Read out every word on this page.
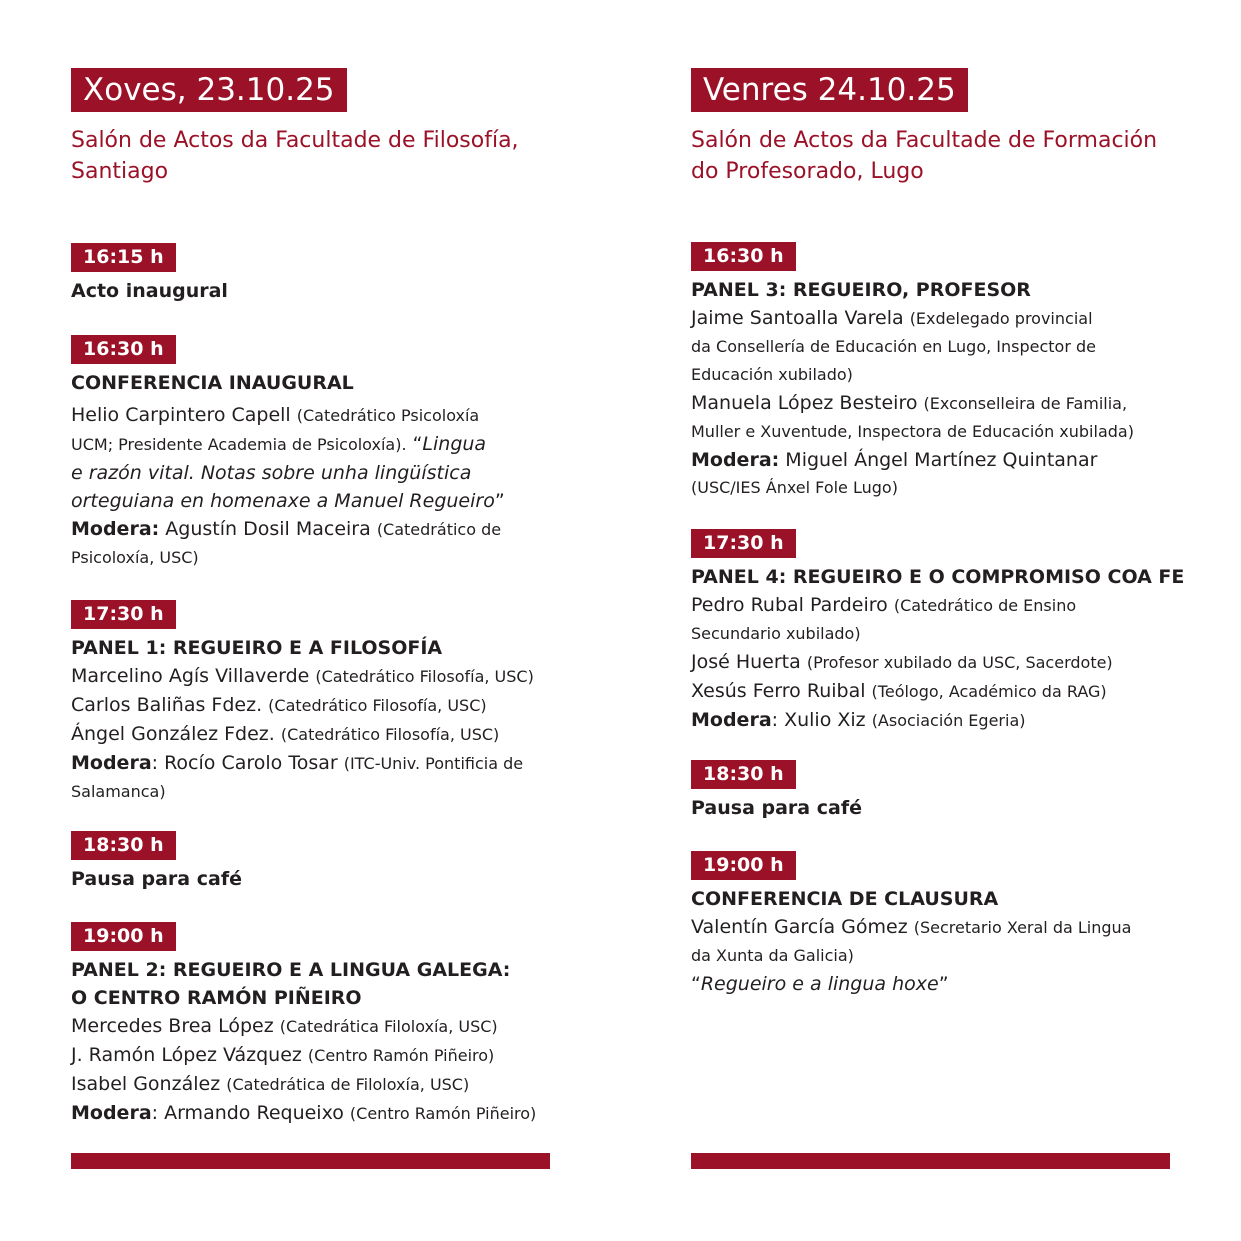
Xoves, 23.10.25

Salón de Actos da Facultade de Filosofía,
Santiago

16:15 h

Acto inaugural

16:30 h

CONFERENCIA INAUGURAL

Helio Carpintero Capell (Catedrático Psicoloxía

UCM; Presidente Academia de Psicoloxía). “Lingua

e razón vital. Notas sobre unha lingüística

orteguiana en homenaxe a Manuel Regueiro”

Modera: Agustín Dosil Maceira (Catedrático de

Psicoloxía, USC)

17:30 h

PANEL 1: REGUEIRO E A FILOSOFÍA

Marcelino Agís Villaverde (Catedrático Filosofía, USC)

Carlos Baliñas Fdez. (Catedrático Filosofía, USC)

Ángel González Fdez. (Catedrático Filosofía, USC)

Modera: Rocío Carolo Tosar (ITC-Univ. Pontificia de

Salamanca)

18:30 h

Pausa para café

19:00 h

PANEL 2: REGUEIRO E A LINGUA GALEGA:

O CENTRO RAMÓN PIÑEIRO

Mercedes Brea López (Catedrática Filoloxía, USC)

J. Ramón López Vázquez (Centro Ramón Piñeiro)

Isabel González (Catedrática de Filoloxía, USC)

Modera: Armando Requeixo (Centro Ramón Piñeiro)

Venres 24.10.25

Salón de Actos da Facultade de Formación
do Profesorado, Lugo

16:30 h

PANEL 3: REGUEIRO, PROFESOR

Jaime Santoalla Varela (Exdelegado provincial

da Consellería de Educación en Lugo, Inspector de

Educación xubilado)

Manuela López Besteiro (Exconselleira de Familia,

Muller e Xuventude, Inspectora de Educación xubilada)

Modera: Miguel Ángel Martínez Quintanar

(USC/IES Ánxel Fole Lugo)

17:30 h

PANEL 4: REGUEIRO E O COMPROMISO COA FE

Pedro Rubal Pardeiro (Catedrático de Ensino

Secundario xubilado)

José Huerta (Profesor xubilado da USC, Sacerdote)

Xesús Ferro Ruibal (Teólogo, Académico da RAG)

Modera: Xulio Xiz (Asociación Egeria)

18:30 h

Pausa para café

19:00 h

CONFERENCIA DE CLAUSURA

Valentín García Gómez (Secretario Xeral da Lingua

da Xunta da Galicia)

“Regueiro e a lingua hoxe”
